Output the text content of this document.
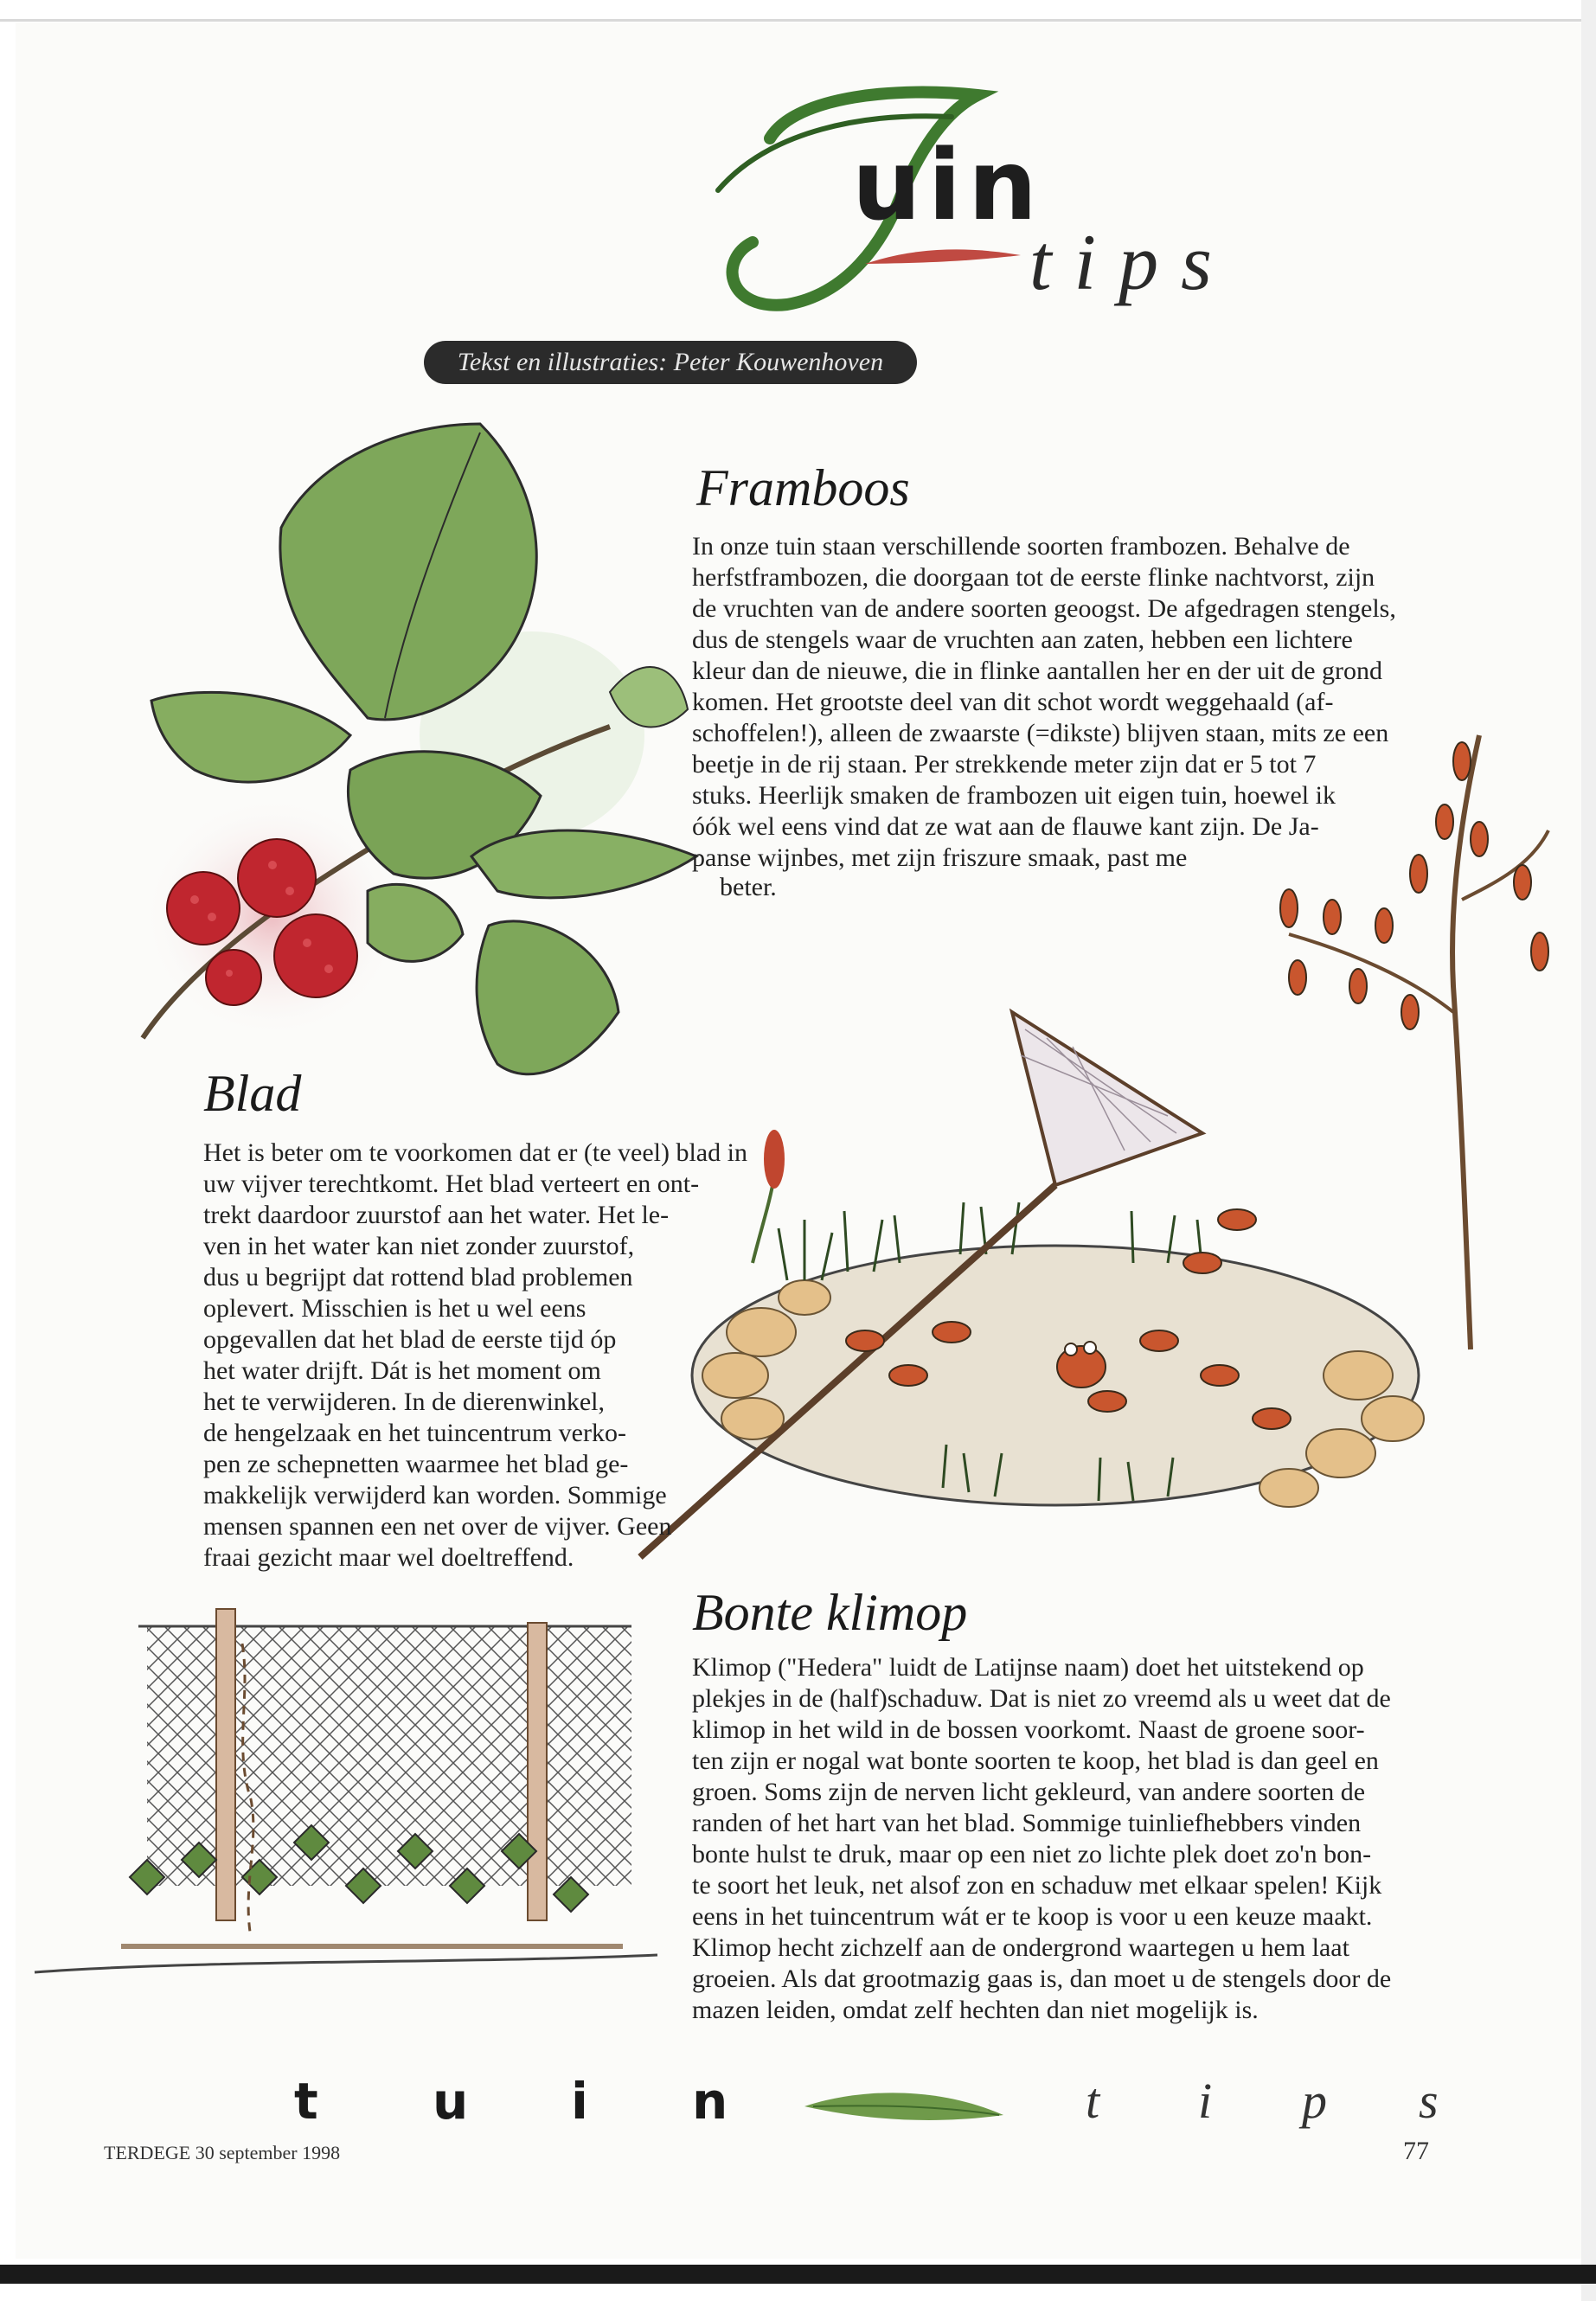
T
uin
tips
Tekst en illustraties: Peter Kouwenhoven
Framboos

In onze tuin staan verschillende soorten frambozen. Behalve de

herfstframbozen, die doorgaan tot de eerste flinke nachtvorst, zijn

de vruchten van de andere soorten geoogst. De afgedragen stengels,

dus de stengels waar de vruchten aan zaten, hebben een lichtere

kleur dan de nieuwe, die in flinke aantallen her en der uit de grond

komen. Het grootste deel van dit schot wordt weggehaald (af-

schoffelen!), alleen de zwaarste (=dikste) blijven staan, mits ze een

beetje in de rij staan. Per strekkende meter zijn dat er 5 tot 7

stuks. Heerlijk smaken de frambozen uit eigen tuin, hoewel ik

óók wel eens vind dat ze wat aan de flauwe kant zijn. De Ja-

panse wijnbes, met zijn friszure smaak, past me

beter.

Blad

Het is beter om te voorkomen dat er (te veel) blad in

uw vijver terechtkomt. Het blad verteert en ont-

trekt daardoor zuurstof aan het water. Het le-

ven in het water kan niet zonder zuurstof,

dus u begrijpt dat rottend blad problemen

oplevert. Misschien is het u wel eens

opgevallen dat het blad de eerste tijd óp

het water drijft. Dát is het moment om

het te verwijderen. In de dierenwinkel,

de hengelzaak en het tuincentrum verko-

pen ze schepnetten waarmee het blad ge-

makkelijk verwijderd kan worden. Sommige

mensen spannen een net over de vijver. Geen

fraai gezicht maar wel doeltreffend.

Bonte klimop

Klimop ("Hedera" luidt de Latijnse naam) doet het uitstekend op

plekjes in de (half)schaduw. Dat is niet zo vreemd als u weet dat de

klimop in het wild in de bossen voorkomt. Naast de groene soor-

ten zijn er nogal wat bonte soorten te koop, het blad is dan geel en

groen. Soms zijn de nerven licht gekleurd, van andere soorten de

randen of het hart van het blad. Sommige tuinliefhebbers vinden

bonte hulst te druk, maar op een niet zo lichte plek doet zo'n bon-

te soort het leuk, net alsof zon en schaduw met elkaar spelen! Kijk

eens in het tuincentrum wát er te koop is voor u een keuze maakt.

Klimop hecht zichzelf aan de ondergrond waartegen u hem laat

groeien. Als dat grootmazig gaas is, dan moet u de stengels door de

mazen leiden, omdat zelf hechten dan niet mogelijk is.

t u i n	t i p s
TERDEGE 30 september 1998	77
